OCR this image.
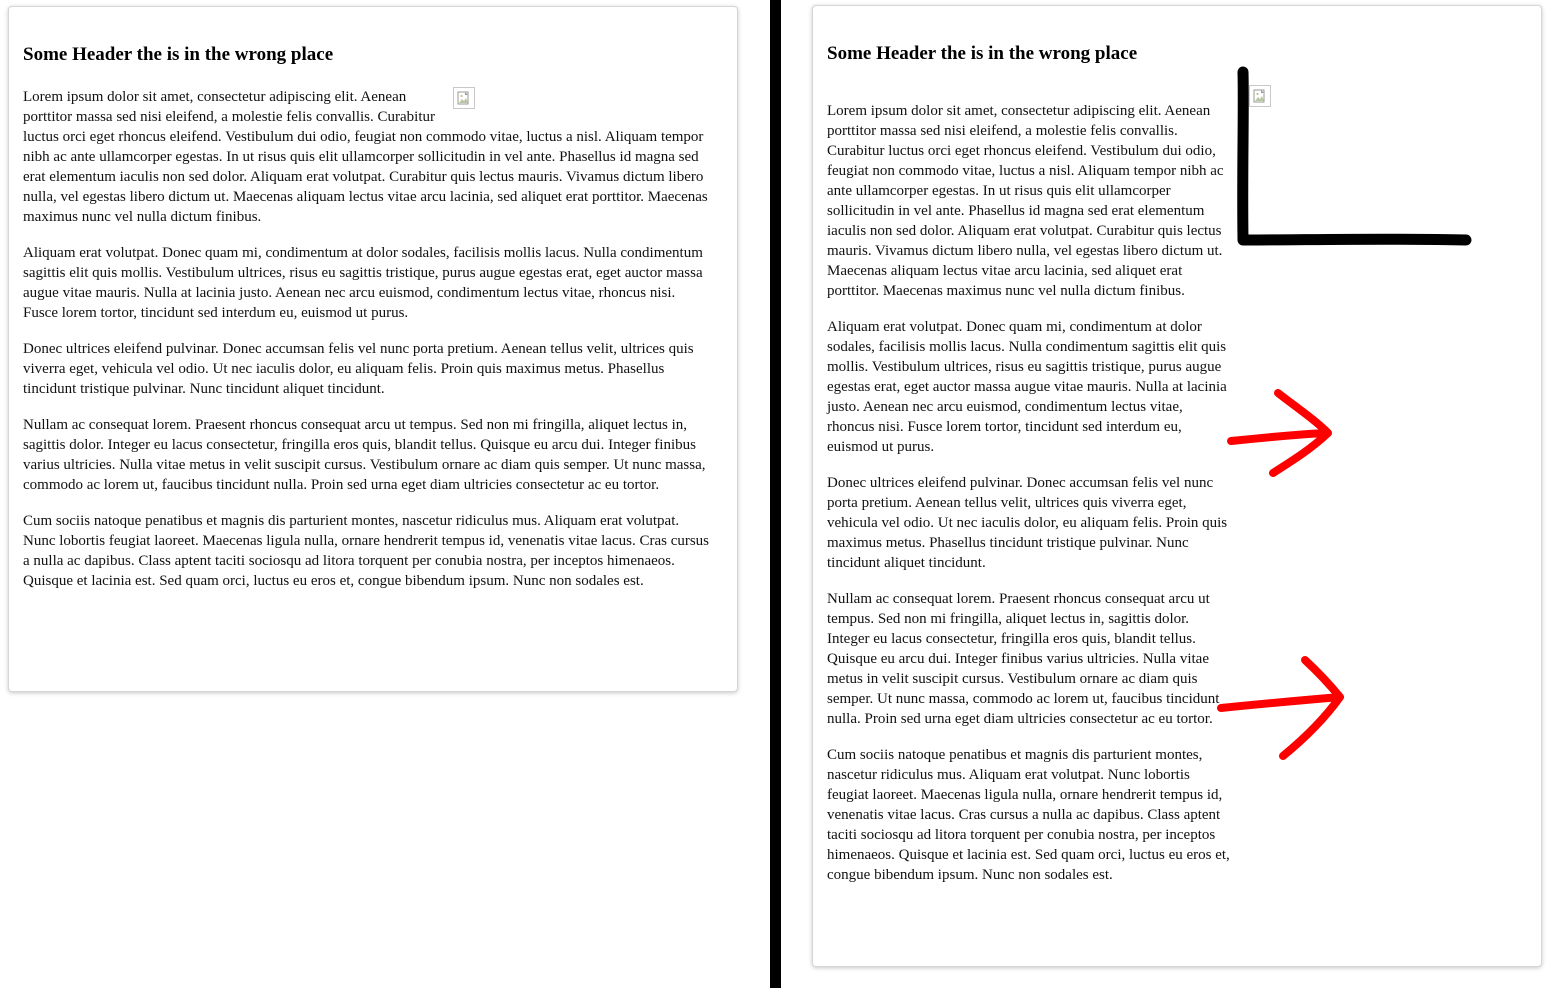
Some Header the is in the wrong place

Lorem ipsum dolor sit amet, consectetur adipiscing elit. Aenean porttitor massa sed nisi eleifend, a molestie felis convallis. Curabitur luctus orci eget rhoncus eleifend. Vestibulum dui odio, feugiat non commodo vitae, luctus a nisl. Aliquam tempor nibh ac ante ullamcorper egestas. In ut risus quis elit ullamcorper sollicitudin in vel ante. Phasellus id magna sed erat elementum iaculis non sed dolor. Aliquam erat volutpat. Curabitur quis lectus mauris. Vivamus dictum libero nulla, vel egestas libero dictum ut. Maecenas aliquam lectus vitae arcu lacinia, sed aliquet erat porttitor. Maecenas maximus nunc vel nulla dictum finibus.

Aliquam erat volutpat. Donec quam mi, condimentum at dolor sodales, facilisis mollis lacus. Nulla condimentum sagittis elit quis mollis. Vestibulum ultrices, risus eu sagittis tristique, purus augue egestas erat, eget auctor massa augue vitae mauris. Nulla at lacinia justo. Aenean nec arcu euismod, condimentum lectus vitae, rhoncus nisi. Fusce lorem tortor, tincidunt sed interdum eu, euismod ut purus.

Donec ultrices eleifend pulvinar. Donec accumsan felis vel nunc porta pretium. Aenean tellus velit, ultrices quis viverra eget, vehicula vel odio. Ut nec iaculis dolor, eu aliquam felis. Proin quis maximus metus. Phasellus tincidunt tristique pulvinar. Nunc tincidunt aliquet tincidunt.

Nullam ac consequat lorem. Praesent rhoncus consequat arcu ut tempus. Sed non mi fringilla, aliquet lectus in, sagittis dolor. Integer eu lacus consectetur, fringilla eros quis, blandit tellus. Quisque eu arcu dui. Integer finibus varius ultricies. Nulla vitae metus in velit suscipit cursus. Vestibulum ornare ac diam quis semper. Ut nunc massa, commodo ac lorem ut, faucibus tincidunt nulla. Proin sed urna eget diam ultricies consectetur ac eu tortor.

Cum sociis natoque penatibus et magnis dis parturient montes, nascetur ridiculus mus. Aliquam erat volutpat. Nunc lobortis feugiat laoreet. Maecenas ligula nulla, ornare hendrerit tempus id, venenatis vitae lacus. Cras cursus a nulla ac dapibus. Class aptent taciti sociosqu ad litora torquent per conubia nostra, per inceptos himenaeos. Quisque et lacinia est. Sed quam orci, luctus eu eros et, congue bibendum ipsum. Nunc non sodales est.

Some Header the is in the wrong place

Lorem ipsum dolor sit amet, consectetur adipiscing elit. Aenean porttitor massa sed nisi eleifend, a molestie felis convallis. Curabitur luctus orci eget rhoncus eleifend. Vestibulum dui odio, feugiat non commodo vitae, luctus a nisl. Aliquam tempor nibh ac ante ullamcorper egestas. In ut risus quis elit ullamcorper sollicitudin in vel ante. Phasellus id magna sed erat elementum iaculis non sed dolor. Aliquam erat volutpat. Curabitur quis lectus mauris. Vivamus dictum libero nulla, vel egestas libero dictum ut. Maecenas aliquam lectus vitae arcu lacinia, sed aliquet erat porttitor. Maecenas maximus nunc vel nulla dictum finibus.

Aliquam erat volutpat. Donec quam mi, condimentum at dolor sodales, facilisis mollis lacus. Nulla condimentum sagittis elit quis mollis. Vestibulum ultrices, risus eu sagittis tristique, purus augue egestas erat, eget auctor massa augue vitae mauris. Nulla at lacinia justo. Aenean nec arcu euismod, condimentum lectus vitae, rhoncus nisi. Fusce lorem tortor, tincidunt sed interdum eu, euismod ut purus.

Donec ultrices eleifend pulvinar. Donec accumsan felis vel nunc porta pretium. Aenean tellus velit, ultrices quis viverra eget, vehicula vel odio. Ut nec iaculis dolor, eu aliquam felis. Proin quis maximus metus. Phasellus tincidunt tristique pulvinar. Nunc tincidunt aliquet tincidunt.

Nullam ac consequat lorem. Praesent rhoncus consequat arcu ut tempus. Sed non mi fringilla, aliquet lectus in, sagittis dolor. Integer eu lacus consectetur, fringilla eros quis, blandit tellus. Quisque eu arcu dui. Integer finibus varius ultricies. Nulla vitae metus in velit suscipit cursus. Vestibulum ornare ac diam quis semper. Ut nunc massa, commodo ac lorem ut, faucibus tincidunt nulla. Proin sed urna eget diam ultricies consectetur ac eu tortor.

Cum sociis natoque penatibus et magnis dis parturient montes, nascetur ridiculus mus. Aliquam erat volutpat. Nunc lobortis feugiat laoreet. Maecenas ligula nulla, ornare hendrerit tempus id, venenatis vitae lacus. Cras cursus a nulla ac dapibus. Class aptent taciti sociosqu ad litora torquent per conubia nostra, per inceptos himenaeos. Quisque et lacinia est. Sed quam orci, luctus eu eros et, congue bibendum ipsum. Nunc non sodales est.
